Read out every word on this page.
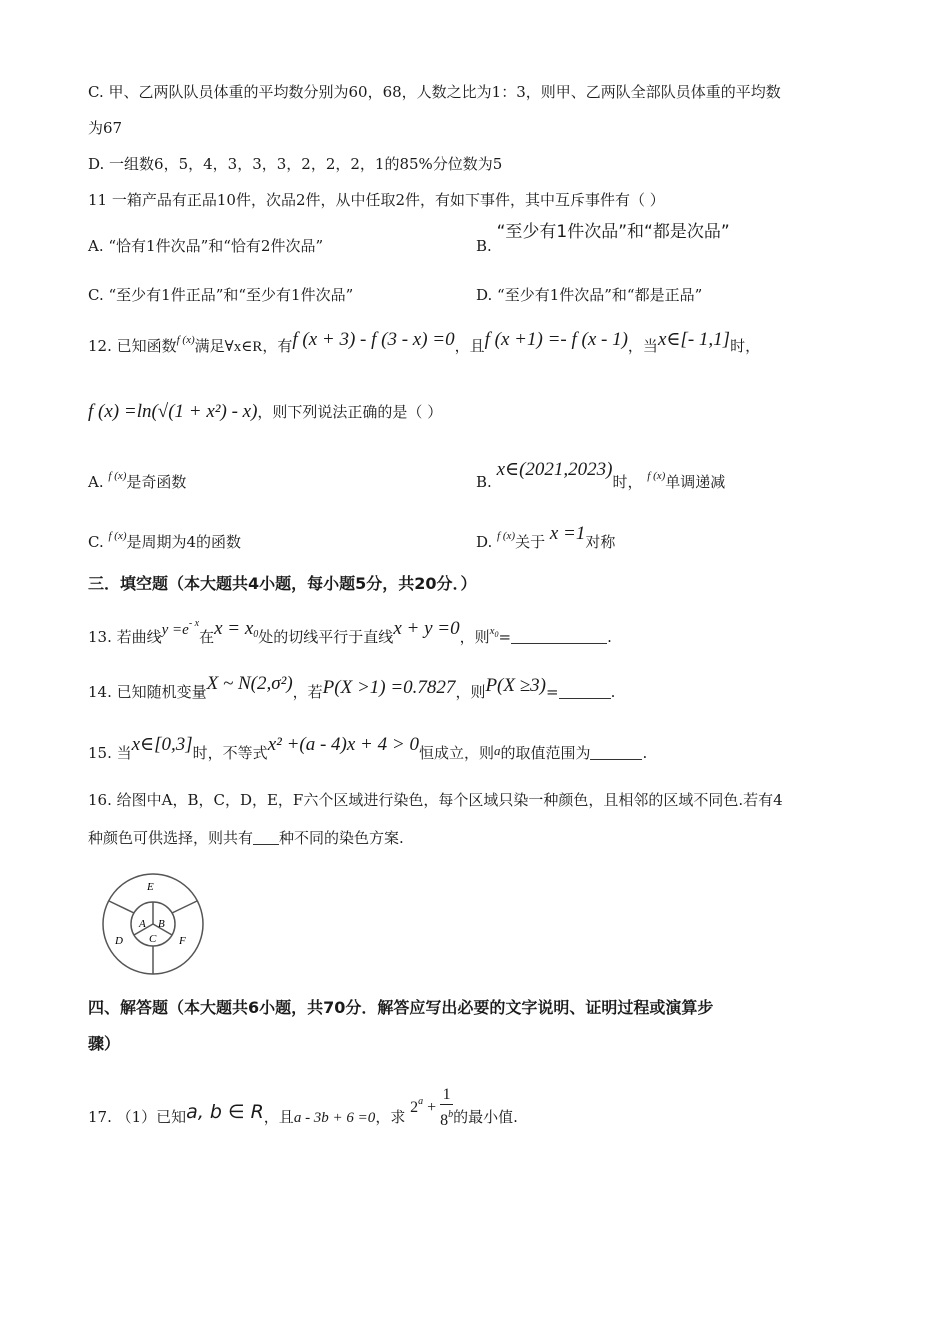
C. 甲、乙两队队员体重的平均数分别为60，68，人数之比为1：3，则甲、乙两队全部队员体重的平均数
为67
D. 一组数6，5，4，3，3，3，2，2，2，1的85%分位数为5
11 一箱产品有正品10件，次品2件，从中任取2件，有如下事件，其中互斥事件有（ ）
A. “恰有1件次品”和“恰有2件次品”	B. “至少有1件次品”和“都是次品”
C. “至少有1件正品”和“至少有1件次品”	D. “至少有1件次品”和“都是正品”
12. 已知函数$^{f (x)}$满足∀x∈R，有f (x + 3) - f (3 - x) =0，且f (x +1) =- f (x - 1)，当x∈[- 1,1]时，
f (x) =ln(√(1 + x²) - x)，则下列说法正确的是（ ）
A. $^{f (x)}$是奇函数	B. x∈(2021,2023)时， $^{f (x)}$单调递减
C. $^{f (x)}$是周期为4的函数	D. $^{f (x)}$关于 x =1对称
三．填空题（本大题共4小题，每小题5分，共20分．）
13. 若曲线$y =e^{- x}$在$x = x_0$处的切线平行于直线x + y =0，则$^{x_0}$=	.
14. 已知随机变量X ~ N(2,σ²)，若P(X >1) =0.7827，则P(X ≥3)=	.
15. 当x∈[0,3]时，不等式x² +(a - 4)x + 4 > 0恒成立，则a的取值范围为	.
16. 给图中A，B，C，D，E，F六个区域进行染色，每个区域只染一种颜色，且相邻的区域不同色.若有4
种颜色可供选择，则共有 种不同的染色方案.
A B
C
D
E
F
四、解答题（本大题共6小题，共70分．解答应写出必要的文字说明、证明过程或演算步
骤）
17. （1）已知a, b ∈ R，且a - 3b + 6 =0，求 $2^a + \frac{1}{8^b}$ 的最小值.
